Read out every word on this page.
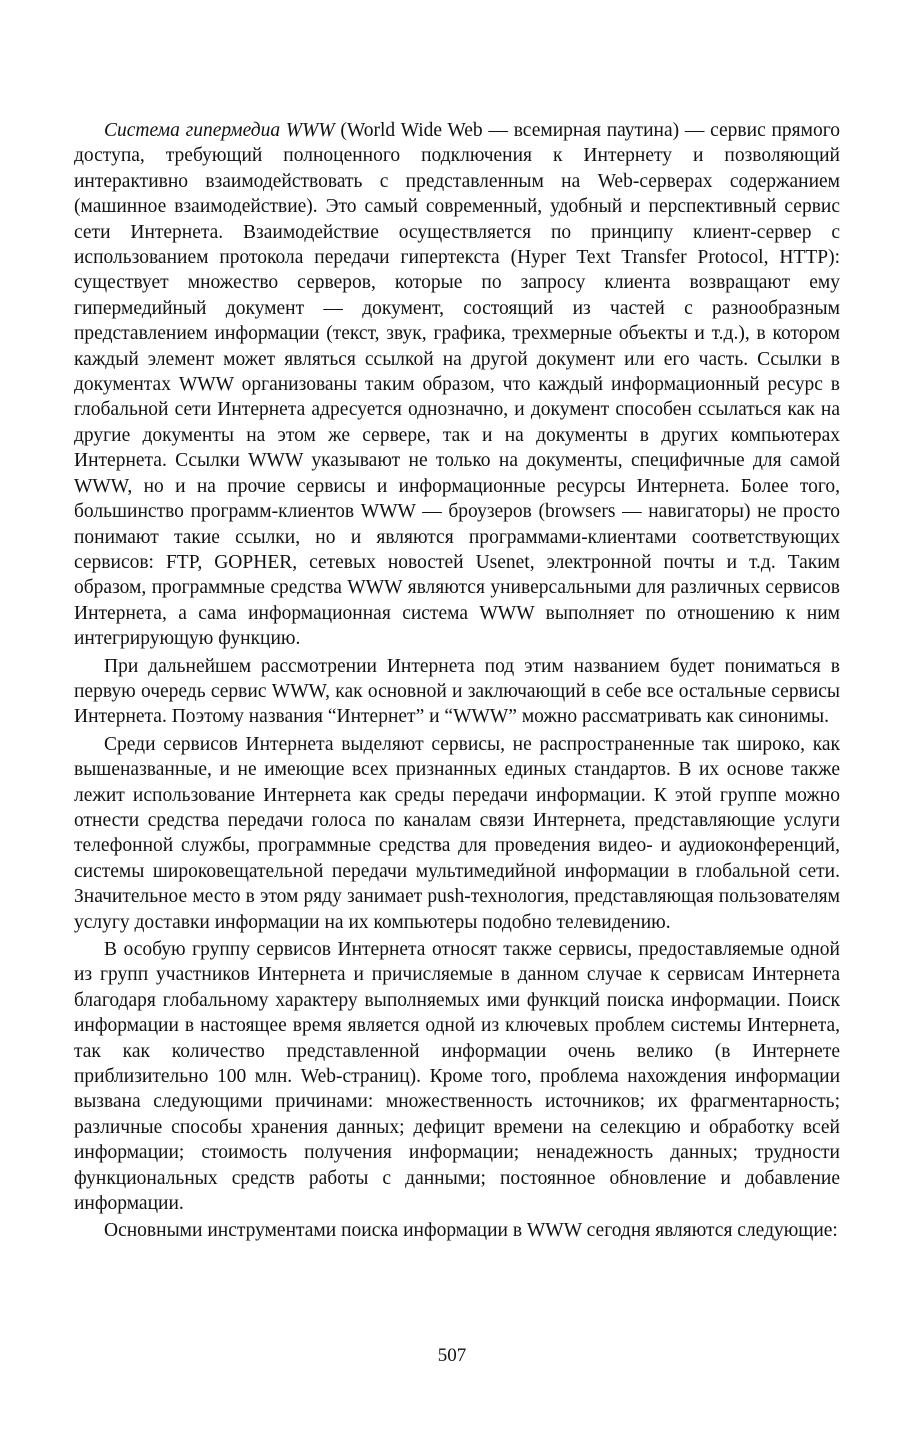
Система гипермедиа WWW (World Wide Web — всемирная паутина) — сервис прямого доступа, требующий полноценного подключения к Интернету и позволяющий интерактивно взаимодействовать с представленным на Web-серверах содержанием (машинное взаимодействие). Это самый современный, удобный и перспективный сервис сети Интернета. Взаимодействие осуществляется по принципу клиент-сервер с использованием протокола передачи гипертекста (Hyper Text Transfer Protocol, HTTP): существует множество серверов, которые по запросу клиента возвращают ему гипермедийный документ — документ, состоящий из частей с разнообразным представлением информации (текст, звук, графика, трехмерные объекты и т.д.), в котором каждый элемент может являться ссылкой на другой документ или его часть. Ссылки в документах WWW организованы таким образом, что каждый информационный ресурс в глобальной сети Интернета адресуется однозначно, и документ способен ссылаться как на другие документы на этом же сервере, так и на документы в других компьютерах Интернета. Ссылки WWW указывают не только на документы, специфичные для самой WWW, но и на прочие сервисы и информационные ресурсы Интернета. Более того, большинство программ-клиентов WWW — броузеров (browsers — навигаторы) не просто понимают такие ссылки, но и являются программами-клиентами соответствующих сервисов: FTP, GOPHER, сетевых новостей Usenet, электронной почты и т.д. Таким образом, программные средства WWW являются универсальными для различных сервисов Интернета, а сама информационная система WWW выполняет по отношению к ним интегрирующую функцию.

При дальнейшем рассмотрении Интернета под этим названием будет пониматься в первую очередь сервис WWW, как основной и заключающий в себе все остальные сервисы Интернета. Поэтому названия “Интернет” и “WWW” можно рассматривать как синонимы.

Среди сервисов Интернета выделяют сервисы, не распространенные так широко, как вышеназванные, и не имеющие всех признанных единых стандартов. В их основе также лежит использование Интернета как среды передачи информации. К этой группе можно отнести средства передачи голоса по каналам связи Интернета, представляющие услуги телефонной службы, программные средства для проведения видео- и аудиоконференций, системы широковещательной передачи мультимедийной информации в глобальной сети. Значительное место в этом ряду занимает push-технология, представляющая пользователям услугу доставки информации на их компьютеры подобно телевидению.

В особую группу сервисов Интернета относят также сервисы, предоставляемые одной из групп участников Интернета и причисляемые в данном случае к сервисам Интернета благодаря глобальному характеру выполняемых ими функций поиска информации. Поиск информации в настоящее время является одной из ключевых проблем системы Интернета, так как количество представленной информации очень велико (в Интернете приблизительно 100 млн. Web-страниц). Кроме того, проблема нахождения информации вызвана следующими причинами: множественность источников; их фрагментарность; различные способы хранения данных; дефицит времени на селекцию и обработку всей информации; стоимость получения информации; ненадежность данных; трудности функциональных средств работы с данными; постоянное обновление и добавление информации.

Основными инструментами поиска информации в WWW сегодня являются следующие:

507
